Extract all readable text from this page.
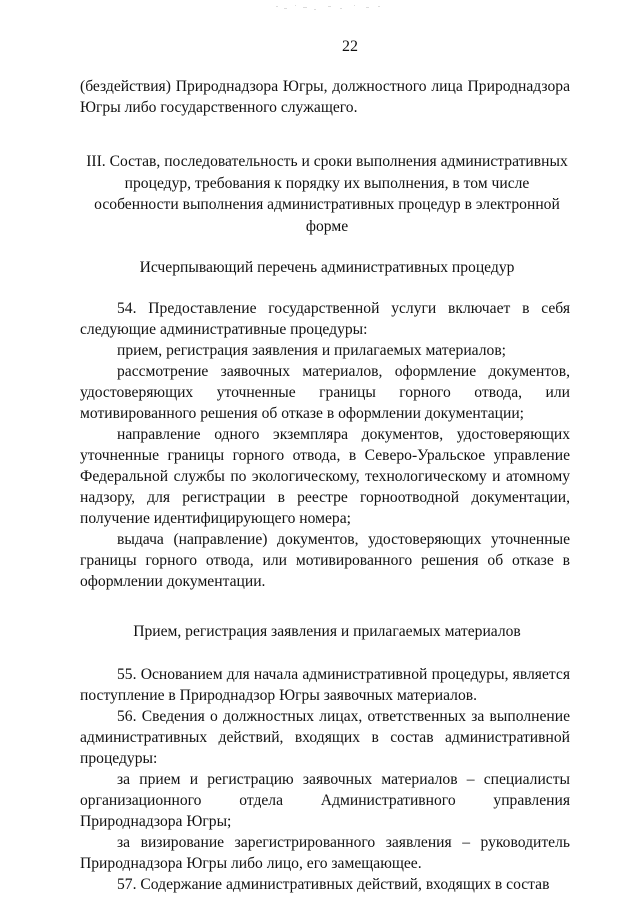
22

(бездействия) Природнадзора Югры, должностного лица Природнадзора Югры либо государственного служащего.

III. Состав, последовательность и сроки выполнения административных процедур, требования к порядку их выполнения, в том числе особенности выполнения административных процедур в электронной форме

Исчерпывающий перечень административных процедур

54. Предоставление государственной услуги включает в себя следующие административные процедуры:

прием, регистрация заявления и прилагаемых материалов;

рассмотрение заявочных материалов, оформление документов, удостоверяющих уточненные границы горного отвода, или мотивированного решения об отказе в оформлении документации;

направление одного экземпляра документов, удостоверяющих уточненные границы горного отвода, в Северо-Уральское управление Федеральной службы по экологическому, технологическому и атомному надзору, для регистрации в реестре горноотводной документации, получение идентифицирующего номера;

выдача (направление) документов, удостоверяющих уточненные границы горного отвода, или мотивированного решения об отказе в оформлении документации.

Прием, регистрация заявления и прилагаемых материалов

55. Основанием для начала административной процедуры, является поступление в Природнадзор Югры заявочных материалов.

56. Сведения о должностных лицах, ответственных за выполнение административных действий, входящих в состав административной процедуры:

за прием и регистрацию заявочных материалов – специалисты организационного отдела Административного управления Природнадзора Югры;

за визирование зарегистрированного заявления – руководитель Природнадзора Югры либо лицо, его замещающее.

57. Содержание административных действий, входящих в состав
